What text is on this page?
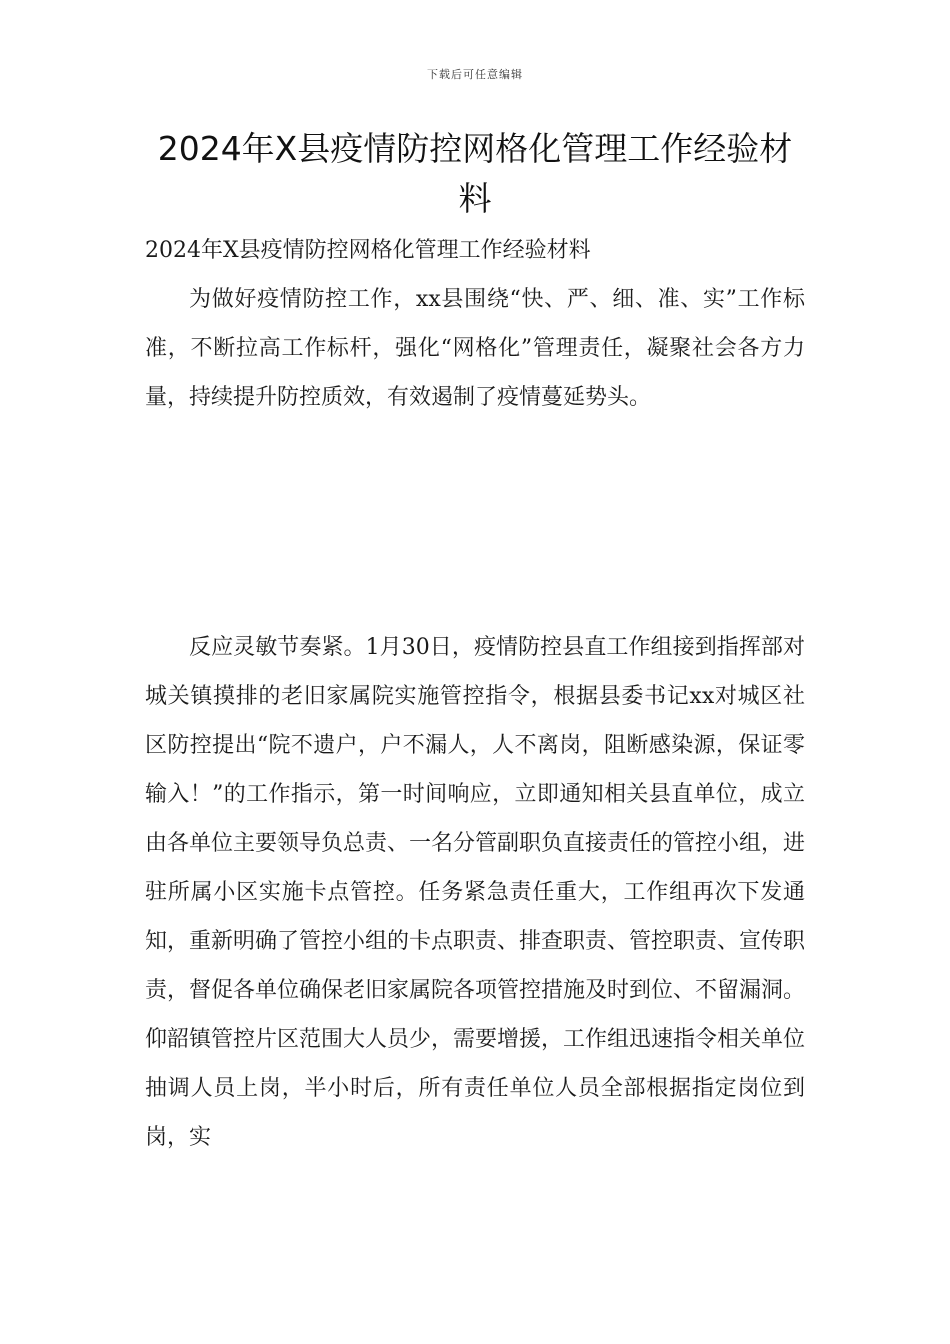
下载后可任意编辑
2024年X县疫情防控网格化管理工作经验材料

2024年X县疫情防控网格化管理工作经验材料

为做好疫情防控工作，xx县围绕“快、严、细、准、实”工作标准，不断拉高工作标杆，强化“网格化”管理责任，凝聚社会各方力量，持续提升防控质效，有效遏制了疫情蔓延势头。

反应灵敏节奏紧。1月30日，疫情防控县直工作组接到指挥部对城关镇摸排的老旧家属院实施管控指令，根据县委书记xx对城区社区防控提出“院不遗户，户不漏人，人不离岗，阻断感染源，保证零输入！”的工作指示，第一时间响应，立即通知相关县直单位，成立由各单位主要领导负总责、一名分管副职负直接责任的管控小组，进驻所属小区实施卡点管控。任务紧急责任重大，工作组再次下发通知，重新明确了管控小组的卡点职责、排查职责、管控职责、宣传职责，督促各单位确保老旧家属院各项管控措施及时到位、不留漏洞。仰韶镇管控片区范围大人员少，需要增援，工作组迅速指令相关单位抽调人员上岗，半小时后，所有责任单位人员全部根据指定岗位到岗，实
